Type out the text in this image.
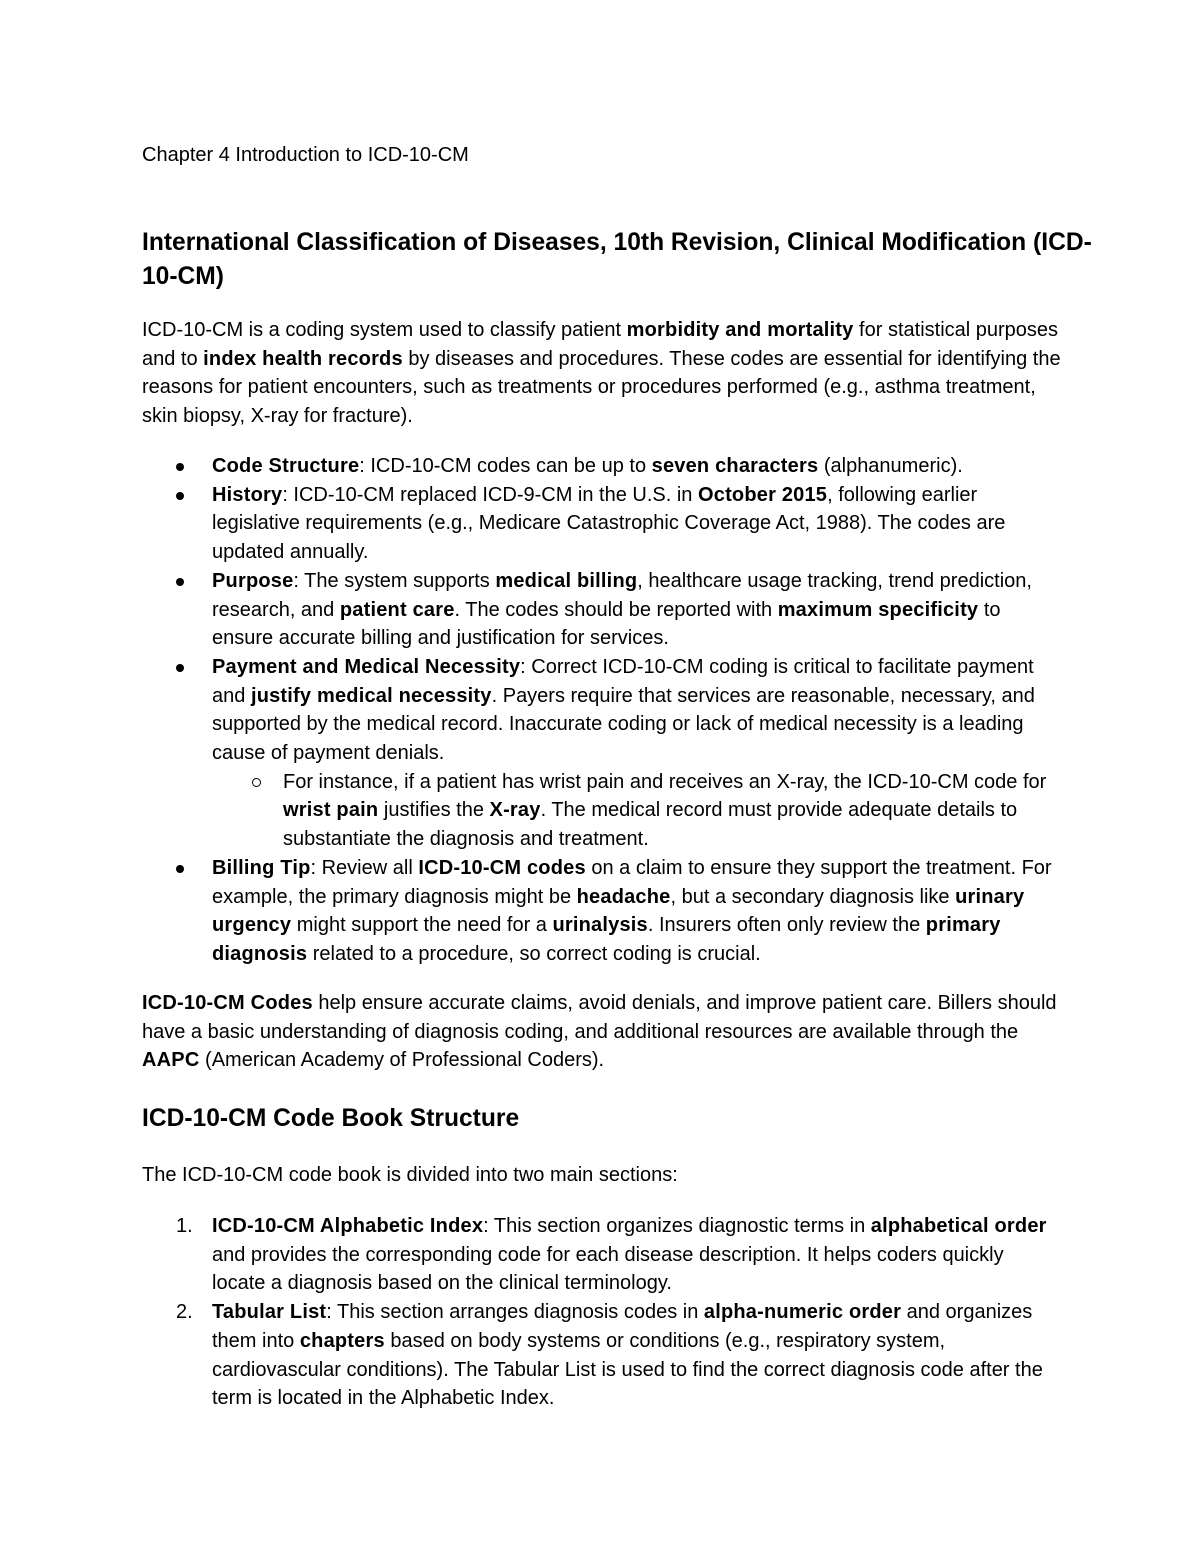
Chapter 4 Introduction to ICD-10-CM

International Classification of Diseases, 10th Revision, Clinical Modification (ICD-10-CM)

ICD-10-CM is a coding system used to classify patient morbidity and mortality for statistical purposes and to index health records by diseases and procedures. These codes are essential for identifying the reasons for patient encounters, such as treatments or procedures performed (e.g., asthma treatment, skin biopsy, X-ray for fracture).

Code Structure: ICD-10-CM codes can be up to seven characters (alphanumeric).
History: ICD-10-CM replaced ICD-9-CM in the U.S. in October 2015, following earlier legislative requirements (e.g., Medicare Catastrophic Coverage Act, 1988). The codes are updated annually.
Purpose: The system supports medical billing, healthcare usage tracking, trend prediction, research, and patient care. The codes should be reported with maximum specificity to ensure accurate billing and justification for services.
Payment and Medical Necessity: Correct ICD-10-CM coding is critical to facilitate payment and justify medical necessity. Payers require that services are reasonable, necessary, and supported by the medical record. Inaccurate coding or lack of medical necessity is a leading cause of payment denials.
For instance, if a patient has wrist pain and receives an X-ray, the ICD-10-CM code for wrist pain justifies the X-ray. The medical record must provide adequate details to substantiate the diagnosis and treatment.
Billing Tip: Review all ICD-10-CM codes on a claim to ensure they support the treatment. For example, the primary diagnosis might be headache, but a secondary diagnosis like urinary urgency might support the need for a urinalysis. Insurers often only review the primary diagnosis related to a procedure, so correct coding is crucial.

ICD-10-CM Codes help ensure accurate claims, avoid denials, and improve patient care. Billers should have a basic understanding of diagnosis coding, and additional resources are available through the AAPC (American Academy of Professional Coders).

ICD-10-CM Code Book Structure

The ICD-10-CM code book is divided into two main sections:

1. ICD-10-CM Alphabetic Index: This section organizes diagnostic terms in alphabetical order and provides the corresponding code for each disease description. It helps coders quickly locate a diagnosis based on the clinical terminology.
2. Tabular List: This section arranges diagnosis codes in alpha-numeric order and organizes them into chapters based on body systems or conditions (e.g., respiratory system, cardiovascular conditions). The Tabular List is used to find the correct diagnosis code after the term is located in the Alphabetic Index.
